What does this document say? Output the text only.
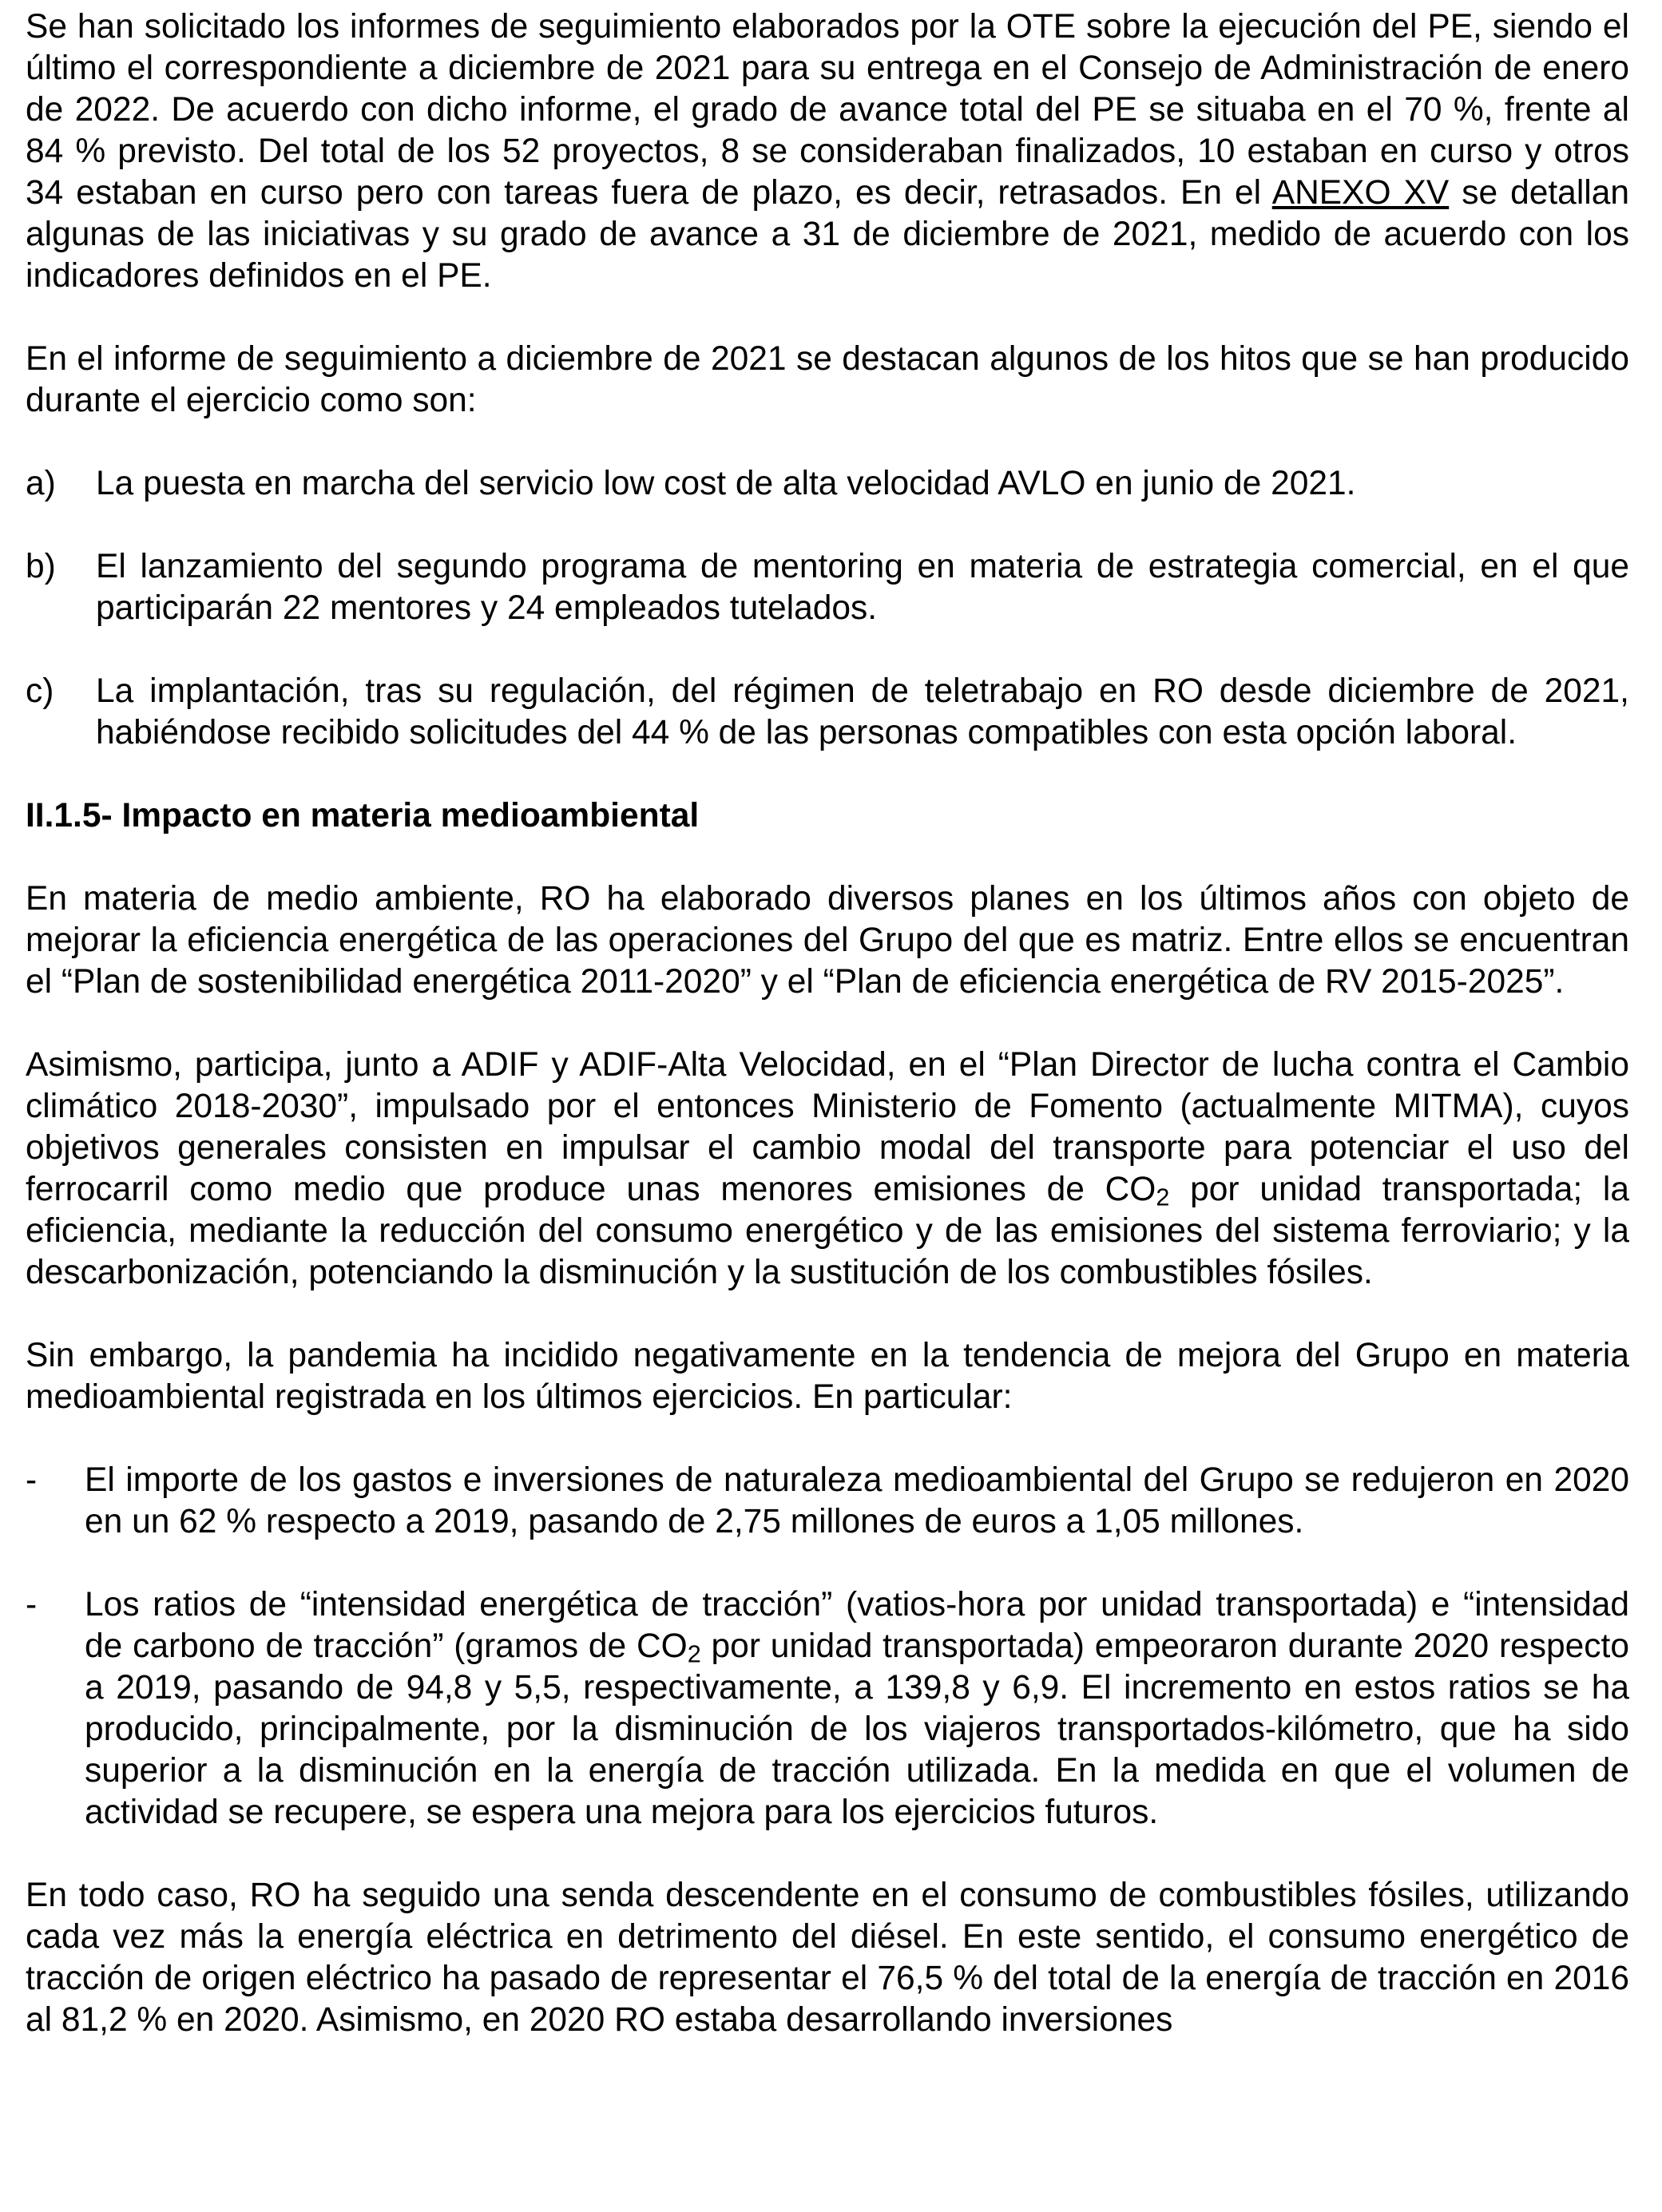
Se han solicitado los informes de seguimiento elaborados por la OTE sobre la ejecución del PE, siendo el último el correspondiente a diciembre de 2021 para su entrega en el Consejo de Administración de enero de 2022. De acuerdo con dicho informe, el grado de avance total del PE se situaba en el 70 %, frente al 84 % previsto. Del total de los 52 proyectos, 8 se consideraban finalizados, 10 estaban en curso y otros 34 estaban en curso pero con tareas fuera de plazo, es decir, retrasados. En el ANEXO XV se detallan algunas de las iniciativas y su grado de avance a 31 de diciembre de 2021, medido de acuerdo con los indicadores definidos en el PE.

En el informe de seguimiento a diciembre de 2021 se destacan algunos de los hitos que se han producido durante el ejercicio como son:

a) La puesta en marcha del servicio low cost de alta velocidad AVLO en junio de 2021.
b) El lanzamiento del segundo programa de mentoring en materia de estrategia comercial, en el que participarán 22 mentores y 24 empleados tutelados.
c) La implantación, tras su regulación, del régimen de teletrabajo en RO desde diciembre de 2021, habiéndose recibido solicitudes del 44 % de las personas compatibles con esta opción laboral.

II.1.5- Impacto en materia medioambiental

En materia de medio ambiente, RO ha elaborado diversos planes en los últimos años con objeto de mejorar la eficiencia energética de las operaciones del Grupo del que es matriz. Entre ellos se encuentran el “Plan de sostenibilidad energética 2011-2020” y el “Plan de eficiencia energética de RV 2015-2025”.

Asimismo, participa, junto a ADIF y ADIF-Alta Velocidad, en el “Plan Director de lucha contra el Cambio climático 2018-2030”, impulsado por el entonces Ministerio de Fomento (actualmente MITMA), cuyos objetivos generales consisten en impulsar el cambio modal del transporte para potenciar el uso del ferrocarril como medio que produce unas menores emisiones de $CO_2$ por unidad transportada; la eficiencia, mediante la reducción del consumo energético y de las emisiones del sistema ferroviario; y la descarbonización, potenciando la disminución y la sustitución de los combustibles fósiles.

Sin embargo, la pandemia ha incidido negativamente en la tendencia de mejora del Grupo en materia medioambiental registrada en los últimos ejercicios. En particular:

- El importe de los gastos e inversiones de naturaleza medioambiental del Grupo se redujeron en 2020 en un 62 % respecto a 2019, pasando de 2,75 millones de euros a 1,05 millones.
- Los ratios de “intensidad energética de tracción” (vatios-hora por unidad transportada) e “intensidad de carbono de tracción” (gramos de $CO_2$ por unidad transportada) empeoraron durante 2020 respecto a 2019, pasando de 94,8 y 5,5, respectivamente, a 139,8 y 6,9. El incremento en estos ratios se ha producido, principalmente, por la disminución de los viajeros transportados-kilómetro, que ha sido superior a la disminución en la energía de tracción utilizada. En la medida en que el volumen de actividad se recupere, se espera una mejora para los ejercicios futuros.

En todo caso, RO ha seguido una senda descendente en el consumo de combustibles fósiles, utilizando cada vez más la energía eléctrica en detrimento del diésel. En este sentido, el consumo energético de tracción de origen eléctrico ha pasado de representar el 76,5 % del total de la energía de tracción en 2016 al 81,2 % en 2020. Asimismo, en 2020 RO estaba desarrollando inversiones
